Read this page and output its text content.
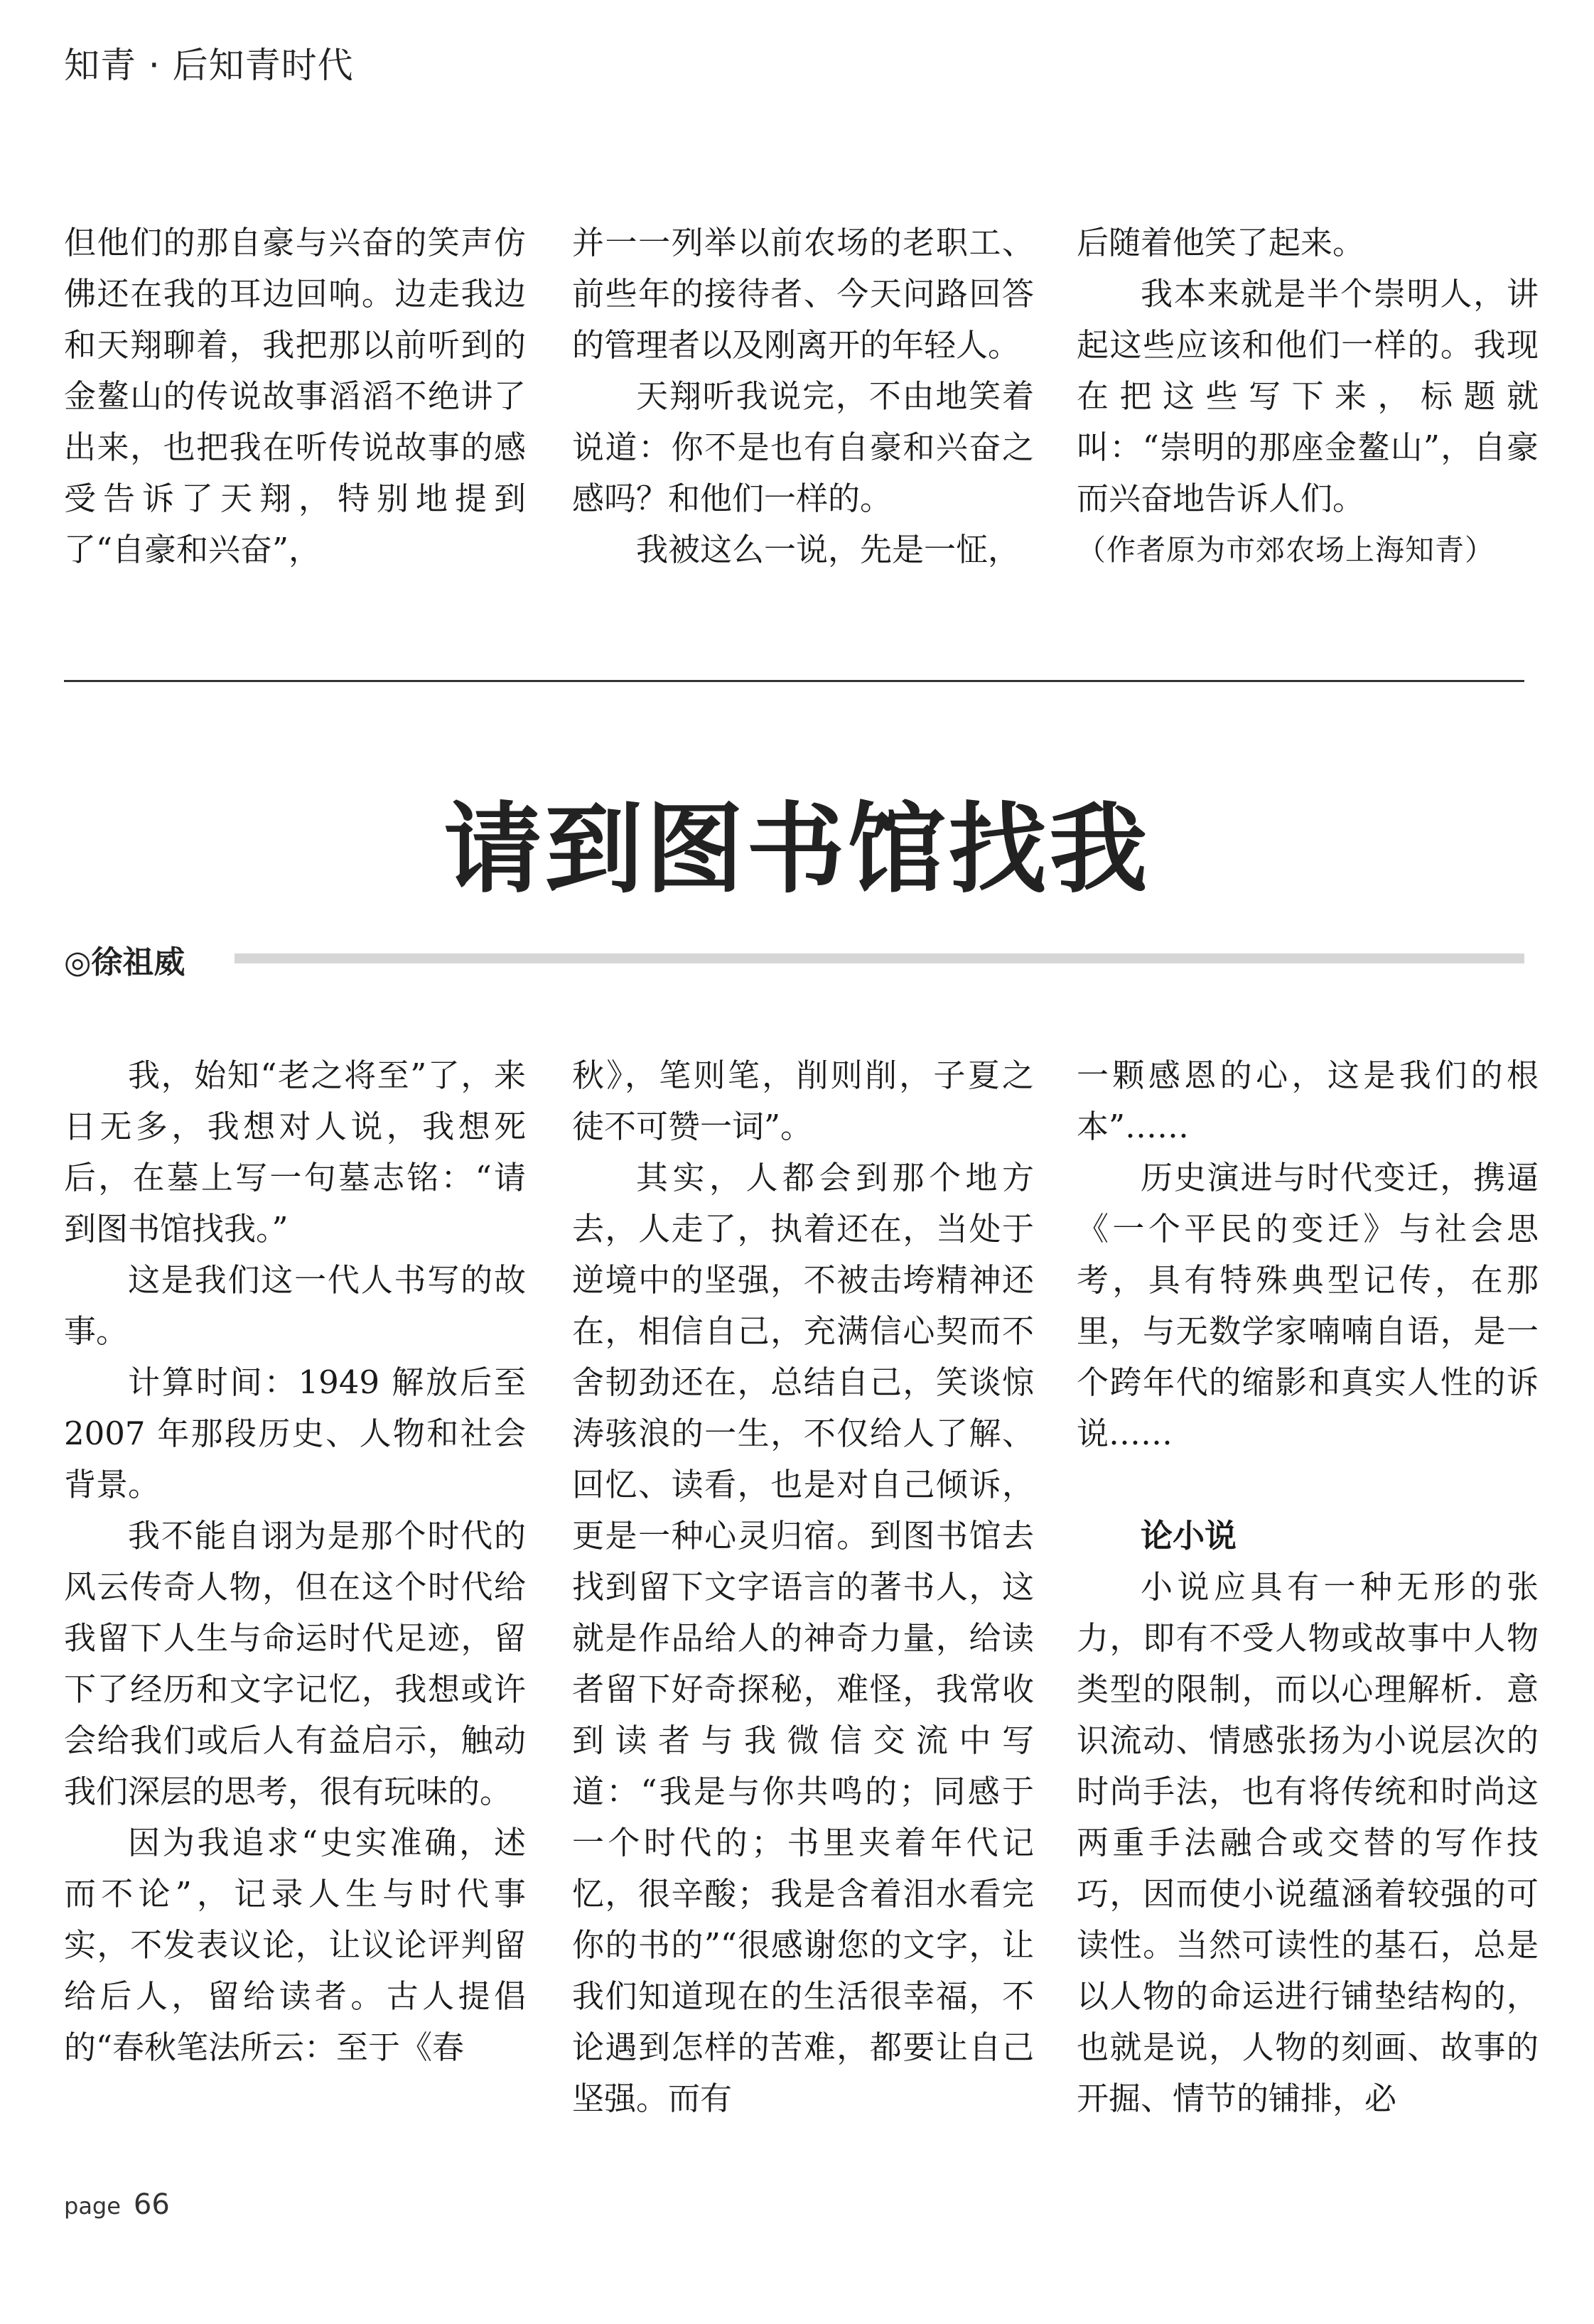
知青 · 后知青时代

但他们的那自豪与兴奋的笑声仿佛还在我的耳边回响。边走我边和天翔聊着，我把那以前听到的金鳌山的传说故事滔滔不绝讲了出来，也把我在听传说故事的感受告诉了天翔，特别地提到了“自豪和兴奋”，

并一一列举以前农场的老职工、前些年的接待者、今天问路回答的管理者以及刚离开的年轻人。

天翔听我说完，不由地笑着说道：你不是也有自豪和兴奋之感吗？和他们一样的。

我被这么一说，先是一怔，

后随着他笑了起来。

我本来就是半个崇明人，讲起这些应该和他们一样的。我现在把这些写下来，标题就叫：“崇明的那座金鳌山”，自豪而兴奋地告诉人们。

（作者原为市郊农场上海知青）

请到图书馆找我
◎徐祖威

我，始知“老之将至”了，来日无多，我想对人说，我想死后，在墓上写一句墓志铭：“请到图书馆找我。”

这是我们这一代人书写的故事。

计算时间：1949 解放后至 2007 年那段历史、人物和社会背景。

我不能自诩为是那个时代的风云传奇人物，但在这个时代给我留下人生与命运时代足迹，留下了经历和文字记忆，我想或许会给我们或后人有益启示，触动我们深层的思考，很有玩味的。

因为我追求“史实准确，述而不论”，记录人生与时代事实，不发表议论，让议论评判留给后人，留给读者。古人提倡的“春秋笔法所云：至于《春

秋》，笔则笔，削则削，子夏之徒不可赞一词”。

其实，人都会到那个地方去，人走了，执着还在，当处于逆境中的坚强，不被击垮精神还在，相信自己，充满信心契而不舍韧劲还在，总结自己，笑谈惊涛骇浪的一生，不仅给人了解、回忆、读看，也是对自己倾诉，更是一种心灵归宿。到图书馆去找到留下文字语言的著书人，这就是作品给人的神奇力量，给读者留下好奇探秘，难怪，我常收到读者与我微信交流中写道：“我是与你共鸣的；同感于一个时代的；书里夹着年代记忆，很辛酸；我是含着泪水看完你的书的”“很感谢您的文字，让我们知道现在的生活很幸福，不论遇到怎样的苦难，都要让自己坚强。而有

一颗感恩的心，这是我们的根本”……

历史演进与时代变迁，携逼《一个平民的变迁》与社会思考，具有特殊典型记传，在那里，与无数学家喃喃自语，是一个跨年代的缩影和真实人性的诉说……

论小说

小说应具有一种无形的张力，即有不受人物或故事中人物类型的限制，而以心理解析．意识流动、情感张扬为小说层次的时尚手法，也有将传统和时尚这两重手法融合或交替的写作技巧，因而使小说蕴涵着较强的可读性。当然可读性的基石，总是以人物的命运进行铺垫结构的，也就是说，人物的刻画、故事的开掘、情节的铺排，必

page 66
